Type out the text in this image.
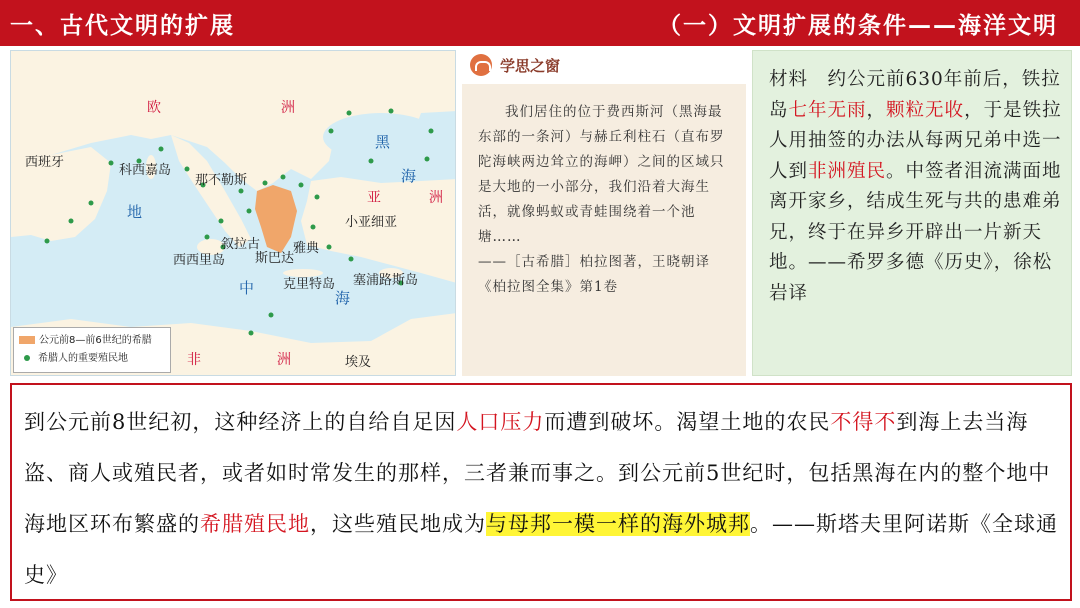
一、古代文明的扩展	（一）文明扩展的条件——海洋文明
欧	洲
黑
海
西班牙
科西嘉岛
那不勒斯
地
亚	洲
小亚细亚
叙拉古
斯巴达
雅典
西西里岛
中 克里特岛 塞浦路斯岛
海
非	洲	埃及
公元前8—前6世纪的希腊
希腊人的重要殖民地
学思之窗
我们居住的位于费西斯河（黑海最东部的一条河）与赫丘利柱石（直布罗陀海峡两边耸立的海岬）之间的区域只是大地的一小部分，我们沿着大海生活，就像蚂蚁或青蛙围绕着一个池塘……
——［古希腊］柏拉图著，王晓朝译《柏拉图全集》第1卷
材料　约公元前630年前后，铁拉岛七年无雨，颗粒无收，于是铁拉人用抽签的办法从每两兄弟中选一人到非洲殖民。中签者泪流满面地离开家乡，结成生死与共的患难弟兄，终于在异乡开辟出一片新天地。——希罗多德《历史》，徐松岩译
到公元前8世纪初，这种经济上的自给自足因人口压力而遭到破坏。渴望土地的农民不得不到海上去当海盗、商人或殖民者，或者如时常发生的那样，三者兼而事之。到公元前5世纪时，包括黑海在内的整个地中海地区环布繁盛的希腊殖民地，这些殖民地成为与母邦一模一样的海外城邦。——斯塔夫里阿诺斯《全球通史》
